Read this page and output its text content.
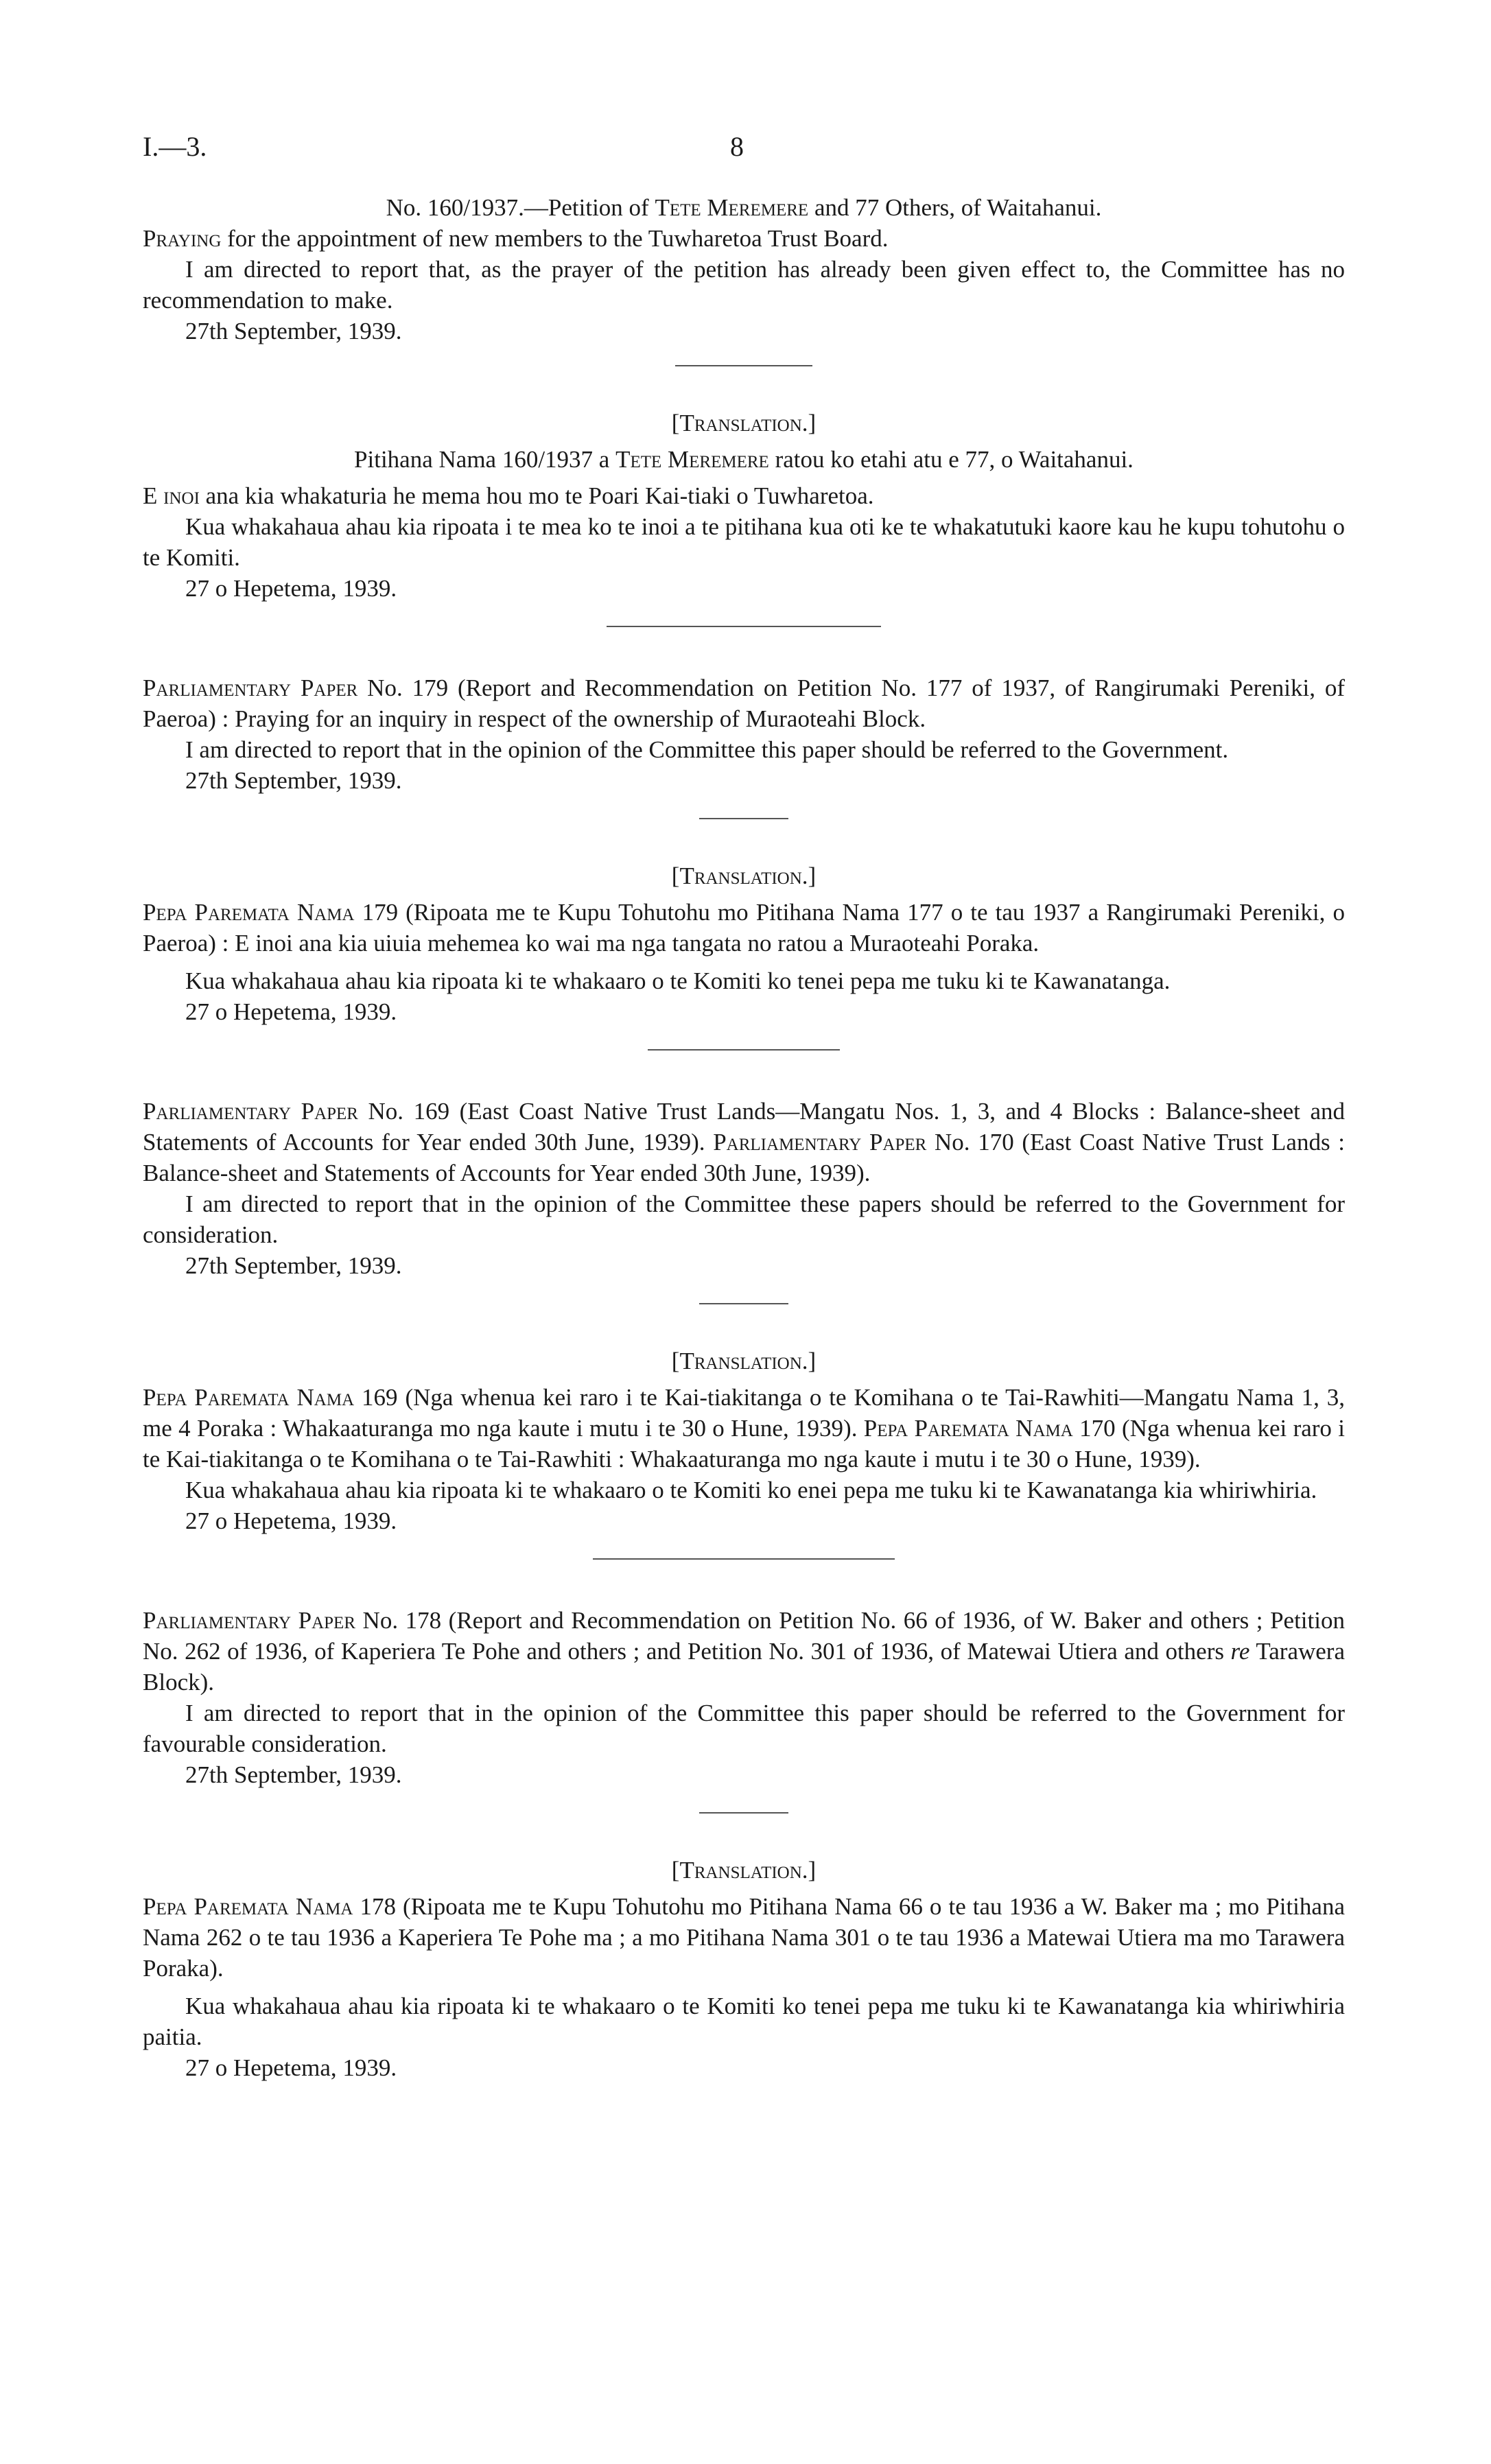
I.—3.	8

No. 160/1937.—Petition of Tete Meremere and 77 Others, of Waitahanui.

Praying for the appointment of new members to the Tuwharetoa Trust Board.

I am directed to report that, as the prayer of the petition has already been given effect to, the Committee has no recommendation to make.

27th September, 1939.

[Translation.]

Pitihana Nama 160/1937 a Tete Meremere ratou ko etahi atu e 77, o Waitahanui.

E inoi ana kia whakaturia he mema hou mo te Poari Kai-tiaki o Tuwharetoa.

Kua whakahaua ahau kia ripoata i te mea ko te inoi a te pitihana kua oti ke te whakatutuki kaore kau he kupu tohutohu o te Komiti.

27 o Hepetema, 1939.

Parliamentary Paper No. 179 (Report and Recommendation on Petition No. 177 of 1937, of Rangirumaki Pereniki, of Paeroa) : Praying for an inquiry in respect of the ownership of Muraoteahi Block.

I am directed to report that in the opinion of the Committee this paper should be referred to the Government.

27th September, 1939.

[Translation.]

Pepa Paremata Nama 179 (Ripoata me te Kupu Tohutohu mo Pitihana Nama 177 o te tau 1937 a Rangirumaki Pereniki, o Paeroa) : E inoi ana kia uiuia mehemea ko wai ma nga tangata no ratou a Muraoteahi Poraka.

Kua whakahaua ahau kia ripoata ki te whakaaro o te Komiti ko tenei pepa me tuku ki te Kawanatanga.

27 o Hepetema, 1939.

Parliamentary Paper No. 169 (East Coast Native Trust Lands—Mangatu Nos. 1, 3, and 4 Blocks : Balance-sheet and Statements of Accounts for Year ended 30th June, 1939). Parliamentary Paper No. 170 (East Coast Native Trust Lands : Balance-sheet and Statements of Accounts for Year ended 30th June, 1939).

I am directed to report that in the opinion of the Committee these papers should be referred to the Government for consideration.

27th September, 1939.

[Translation.]

Pepa Paremata Nama 169 (Nga whenua kei raro i te Kai-tiakitanga o te Komihana o te Tai-Rawhiti—Mangatu Nama 1, 3, me 4 Poraka : Whakaaturanga mo nga kaute i mutu i te 30 o Hune, 1939). Pepa Paremata Nama 170 (Nga whenua kei raro i te Kai-tiakitanga o te Komihana o te Tai-Rawhiti : Whakaaturanga mo nga kaute i mutu i te 30 o Hune, 1939).

Kua whakahaua ahau kia ripoata ki te whakaaro o te Komiti ko enei pepa me tuku ki te Kawanatanga kia whiriwhiria.

27 o Hepetema, 1939.

Parliamentary Paper No. 178 (Report and Recommendation on Petition No. 66 of 1936, of W. Baker and others ; Petition No. 262 of 1936, of Kaperiera Te Pohe and others ; and Petition No. 301 of 1936, of Matewai Utiera and others re Tarawera Block).

I am directed to report that in the opinion of the Committee this paper should be referred to the Government for favourable consideration.

27th September, 1939.

[Translation.]

Pepa Paremata Nama 178 (Ripoata me te Kupu Tohutohu mo Pitihana Nama 66 o te tau 1936 a W. Baker ma ; mo Pitihana Nama 262 o te tau 1936 a Kaperiera Te Pohe ma ; a mo Pitihana Nama 301 o te tau 1936 a Matewai Utiera ma mo Tarawera Poraka).

Kua whakahaua ahau kia ripoata ki te whakaaro o te Komiti ko tenei pepa me tuku ki te Kawanatanga kia whiriwhiria paitia.

27 o Hepetema, 1939.
